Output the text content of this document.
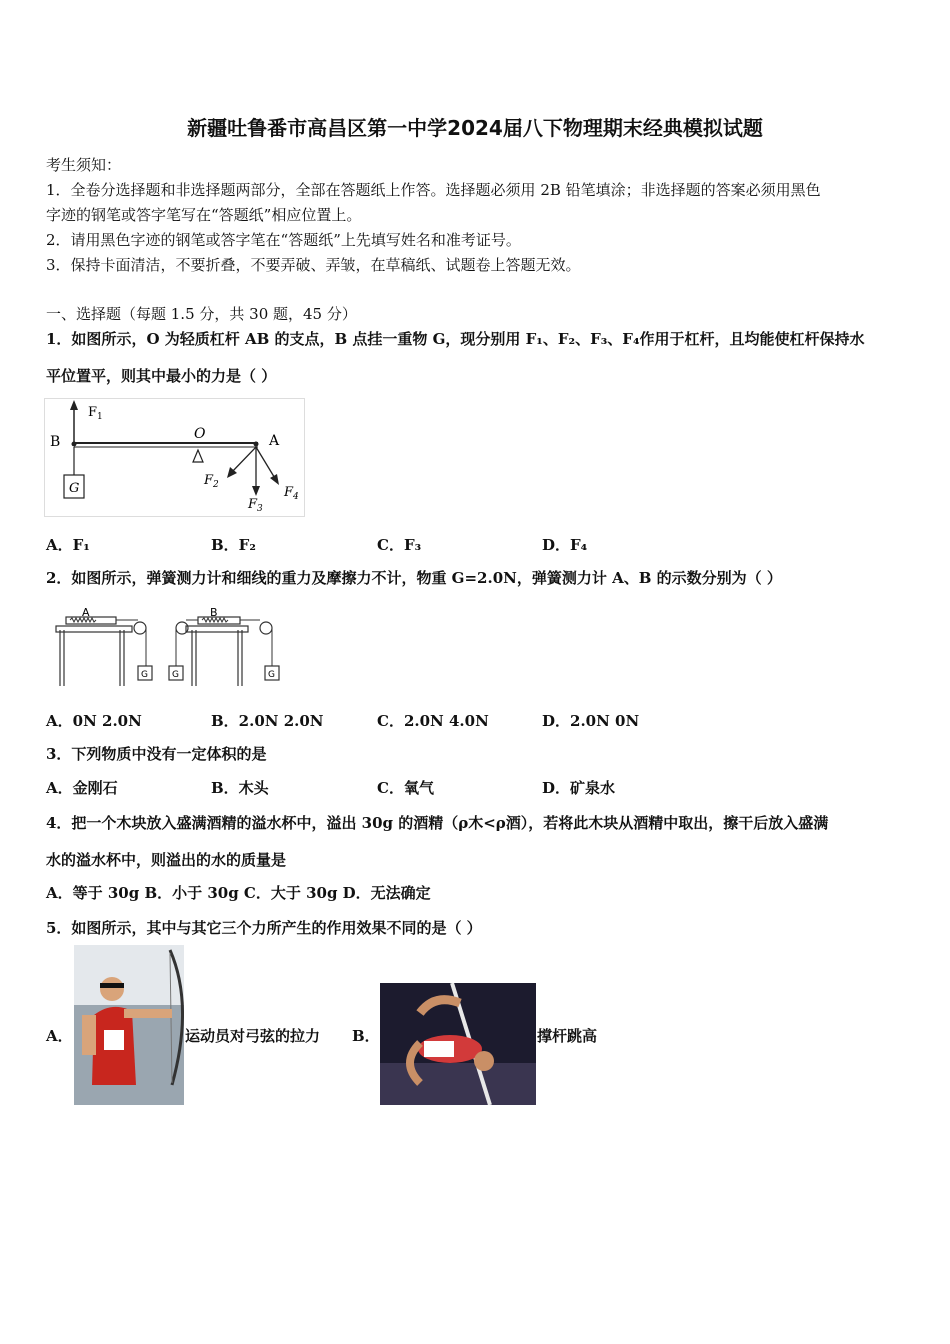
新疆吐鲁番市高昌区第一中学2024届八下物理期末经典模拟试题
考生须知：
1．全卷分选择题和非选择题两部分，全部在答题纸上作答。选择题必须用 2B 铅笔填涂；非选择题的答案必须用黑色
字迹的钢笔或答字笔写在“答题纸”相应位置上。
2．请用黑色字迹的钢笔或答字笔在“答题纸”上先填写姓名和准考证号。
3．保持卡面清洁，不要折叠，不要弄破、弄皱，在草稿纸、试题卷上答题无效。
一、选择题（每题 1.5 分，共 30 题，45 分）
1．如图所示，O 为轻质杠杆 AB 的支点，B 点挂一重物 G，现分别用 F₁、F₂、F₃、F₄作用于杠杆，且均能使杠杆保持水
平位置平，则其中最小的力是（ ）
$F_1$
B	O	A
G
$F_2$
$F_3$
$F_4$
A．F₁	B．F₂	C．F₃	D．F₄
2．如图所示，弹簧测力计和细线的重力及摩擦力不计，物重 G=2.0N，弹簧测力计 A、B 的示数分别为（ ）
A
G
B
G	G
A．0N 2.0N	B．2.0N 2.0N	C．2.0N 4.0N	D．2.0N 0N
3．下列物质中没有一定体积的是
A．金刚石	B．木头	C．氧气	D．矿泉水
4．把一个木块放入盛满酒精的溢水杯中，溢出 30g 的酒精（ρ木<ρ酒），若将此木块从酒精中取出，擦干后放入盛满
水的溢水杯中，则溢出的水的质量是
A．等于 30g B．小于 30g C．大于 30g D．无法确定
5．如图所示，其中与其它三个力所产生的作用效果不同的是（ ）
A．	运动员对弓弦的拉力 B．	撑杆跳高
